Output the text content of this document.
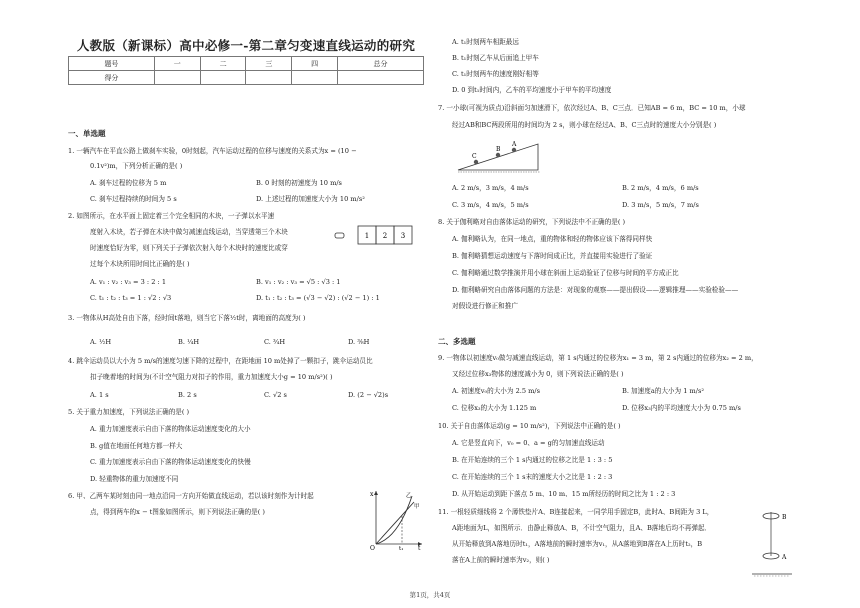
人教版（新课标）高中必修一-第二章匀变速直线运动的研究
题号	一	二	三	四	总分
得分					
一、单选题
1. 一辆汽车在平直公路上做刹车实验，0时刻起，汽车运动过程的位移与速度的关系式为x = (10 −
0.1v²)m，下列分析正确的是( )
A. 刹车过程的位移为 5 m	B. 0 时刻的初速度为 10 m/s
C. 刹车过程持续的时间为 5 s	D. 上述过程的加速度大小为 10 m/s²
2. 如图所示，在水平面上固定着三个完全相同的木块，一子弹以水平速
度射入木块，若子弹在木块中做匀减速直线运动，当穿透第三个木块
时速度恰好为零，则下列关于子弹依次射入每个木块时的速度比或穿
过每个木块所用时间比正确的是( )
1 2 3
A. v₁ : v₂ : v₃ = 3 : 2 : 1	B. v₁ : v₂ : v₃ = √5 : √3 : 1
C. t₁ : t₂ : t₃ = 1 : √2 : √3	D. t₁ : t₂ : t₃ = (√3 − √2) : (√2 − 1) : 1
3. 一物体从H高处自由下落，经时间t落地，则当它下落½t时，离地面的高度为( )
A. ½H	B. ¼H	C. ¾H	D. ⅜H
4. 跳伞运动员以大小为 5 m/s的速度匀速下降的过程中，在距地面 10 m处掉了一颗扣子，跳伞运动员比
扣子晚着地的时间为(不计空气阻力对扣子的作用，重力加速度大小g = 10 m/s²)( )
A. 1 s	B. 2 s	C. √2 s	D. (2 − √2)s
5. 关于重力加速度，下列说法正确的是( )
A. 重力加速度表示自由下落的物体运动速度变化的大小
B. g值在地面任何地方都一样大
C. 重力加速度表示自由下落的物体运动速度变化的快慢
D. 轻重物体的重力加速度不同
6. 甲、乙两车某时刻由同一地点沿同一方向开始做直线运动，若以该时刻作为计时起
点，得到两车的x − t图象如图所示，则下列说法正确的是( )
x
t
O
甲
乙
t₁
A. t₁时刻两车相距最远
B. t₁时刻乙车从后面追上甲车
C. t₁时刻两车的速度刚好相等
D. 0 到t₁时间内，乙车的平均速度小于甲车的平均速度
7. 一小球(可视为质点)沿斜面匀加速滑下，依次经过A、B、C三点．已知AB = 6 m，BC = 10 m，小球
经过AB和BC两段所用的时间均为 2 s，则小球在经过A、B、C三点时的速度大小分别是( )
C
B
A
A. 2 m/s，3 m/s，4 m/s	B. 2 m/s，4 m/s，6 m/s
C. 3 m/s，4 m/s，5 m/s	D. 3 m/s，5 m/s，7 m/s
8. 关于伽利略对自由落体运动的研究，下列说法中不正确的是( )
A. 伽利略认为，在同一地点，重的物体和轻的物体应该下落得同样快
B. 伽利略猜想运动速度与下落时间成正比，并直接用实验进行了验证
C. 伽利略通过数学推演并用小球在斜面上运动验证了位移与时间的平方成正比
D. 伽利略研究自由落体问题的方法是：对现象的观察——提出假设——逻辑推理——实验检验——
对假设进行修正和推广
二、多选题
9. 一物体以初速度v₀做匀减速直线运动，第 1 s内通过的位移为x₁ = 3 m，第 2 s内通过的位移为x₂ = 2 m，
又经过位移x₃物体的速度减小为 0，则下列说法正确的是( )
A. 初速度v₀的大小为 2.5 m/s	B. 加速度a的大小为 1 m/s²
C. 位移x₃的大小为 1.125 m	D. 位移x₃内的平均速度大小为 0.75 m/s
10. 关于自由落体运动(g = 10 m/s²)，下列说法中正确的是( )
A. 它是竖直向下，v₀ = 0、a = g的匀加速直线运动
B. 在开始连续的三个 1 s内通过的位移之比是 1 : 3 : 5
C. 在开始连续的三个 1 s末的速度大小之比是 1 : 2 : 3
D. 从开始运动到距下落点 5 m、10 m、15 m所经历的时间之比为 1 : 2 : 3
11. 一根轻质细线将 2 个薄铁垫片A、B连接起来，一同学用手固定B，此时A、B间距为 3 L，
A距地面为L，如图所示．由静止释放A、B，不计空气阻力，且A、B落地后均不再弹起．
从开始释放到A落地历时t₁，A落地前的瞬时速率为v₁，从A落地到B落在A上历时t₂，B
落在A上前的瞬时速率为v₂，则( )
B
A
第1页，共4页
